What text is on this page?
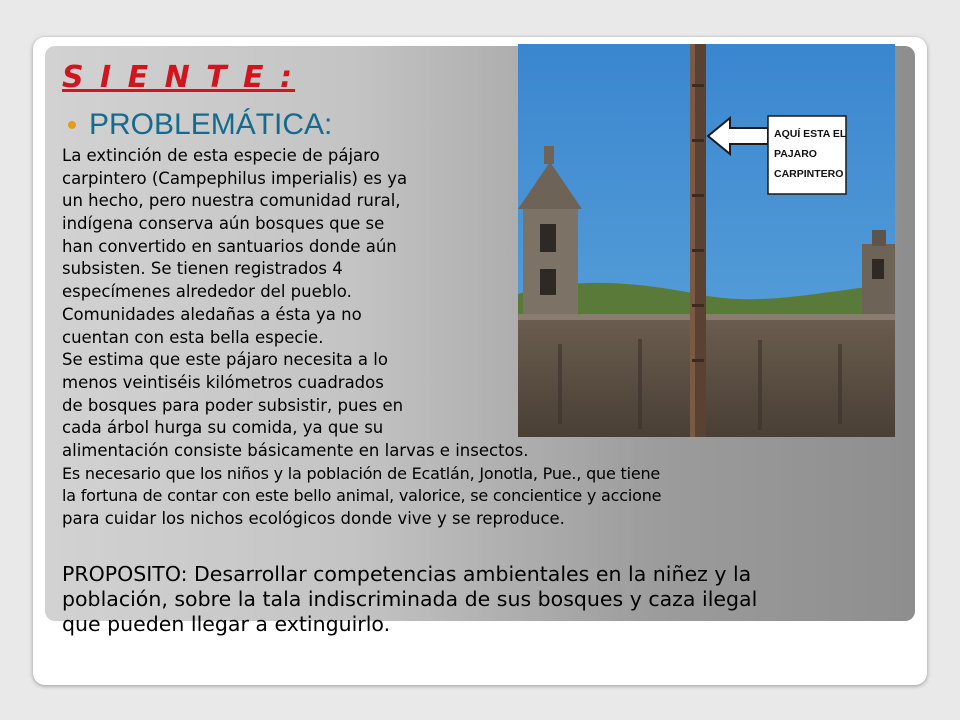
AQUÍ ESTA EL
PAJARO
CARPINTERO
S I E N T E :
PROBLEMÁTICA:
La extinción de esta especie de pájaro
carpintero (Campephilus imperialis) es ya
un hecho, pero nuestra comunidad rural,
indígena conserva aún bosques que se
han convertido en santuarios donde aún
subsisten. Se tienen registrados 4
especímenes alrededor del pueblo.
Comunidades aledañas a ésta ya no
cuentan con esta bella especie.
Se estima que este pájaro necesita a lo
menos veintiséis kilómetros cuadrados
de bosques para poder subsistir, pues en
cada árbol hurga su comida, ya que su
alimentación consiste básicamente en larvas e insectos.
Es necesario que los niños y la población de Ecatlán, Jonotla, Pue., que tiene
la fortuna de contar con este bello animal, valorice, se concientice y accione
para cuidar los nichos ecológicos donde vive y se reproduce.
PROPOSITO: Desarrollar competencias ambientales en la niñez y la
población, sobre la tala indiscriminada de sus bosques y caza ilegal
que pueden llegar a extinguirlo.
